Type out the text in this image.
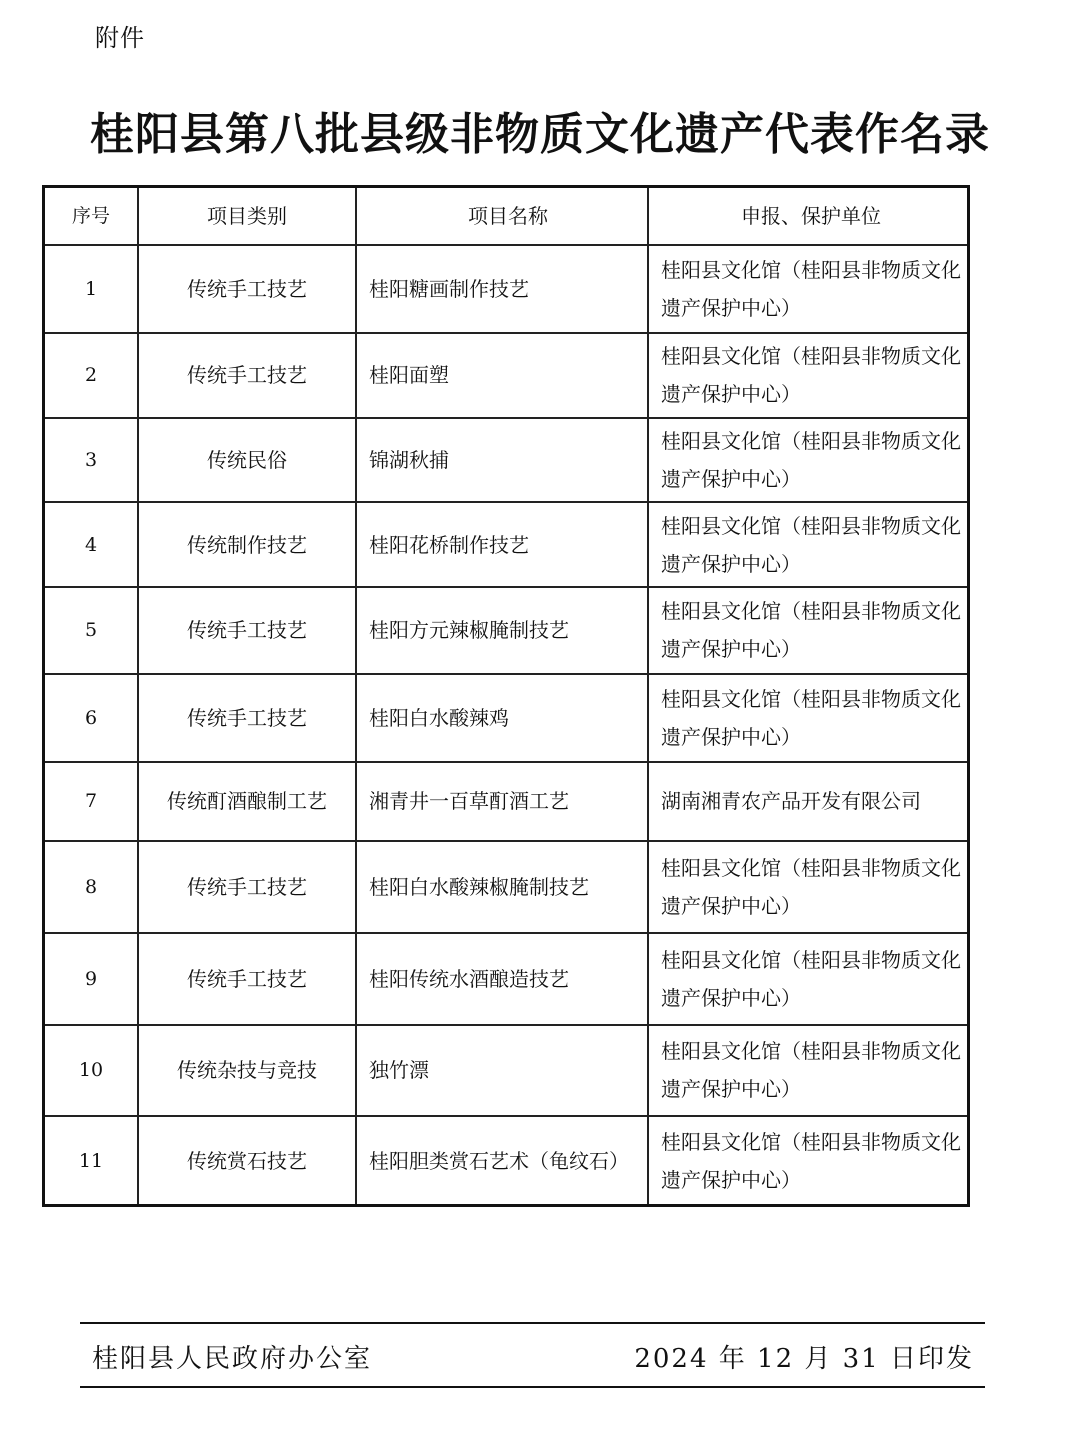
附件
桂阳县第八批县级非物质文化遗产代表作名录
序号	项目类别	项目名称	申报、保护单位
1	传统手工技艺	桂阳糖画制作技艺	桂阳县文化馆（桂阳县非物质文化遗产保护中心）
2	传统手工技艺	桂阳面塑	桂阳县文化馆（桂阳县非物质文化遗产保护中心）
3	传统民俗	锦湖秋捕	桂阳县文化馆（桂阳县非物质文化遗产保护中心）
4	传统制作技艺	桂阳花桥制作技艺	桂阳县文化馆（桂阳县非物质文化遗产保护中心）
5	传统手工技艺	桂阳方元辣椒腌制技艺	桂阳县文化馆（桂阳县非物质文化遗产保护中心）
6	传统手工技艺	桂阳白水酸辣鸡	桂阳县文化馆（桂阳县非物质文化遗产保护中心）
7	传统酊酒酿制工艺	湘青井一百草酊酒工艺	湖南湘青农产品开发有限公司
8	传统手工技艺	桂阳白水酸辣椒腌制技艺	桂阳县文化馆（桂阳县非物质文化遗产保护中心）
9	传统手工技艺	桂阳传统水酒酿造技艺	桂阳县文化馆（桂阳县非物质文化遗产保护中心）
10	传统杂技与竞技	独竹漂	桂阳县文化馆（桂阳县非物质文化遗产保护中心）
11	传统赏石技艺	桂阳胆类赏石艺术（龟纹石）	桂阳县文化馆（桂阳县非物质文化遗产保护中心）
桂阳县人民政府办公室	2024 年 12 月 31 日印发
